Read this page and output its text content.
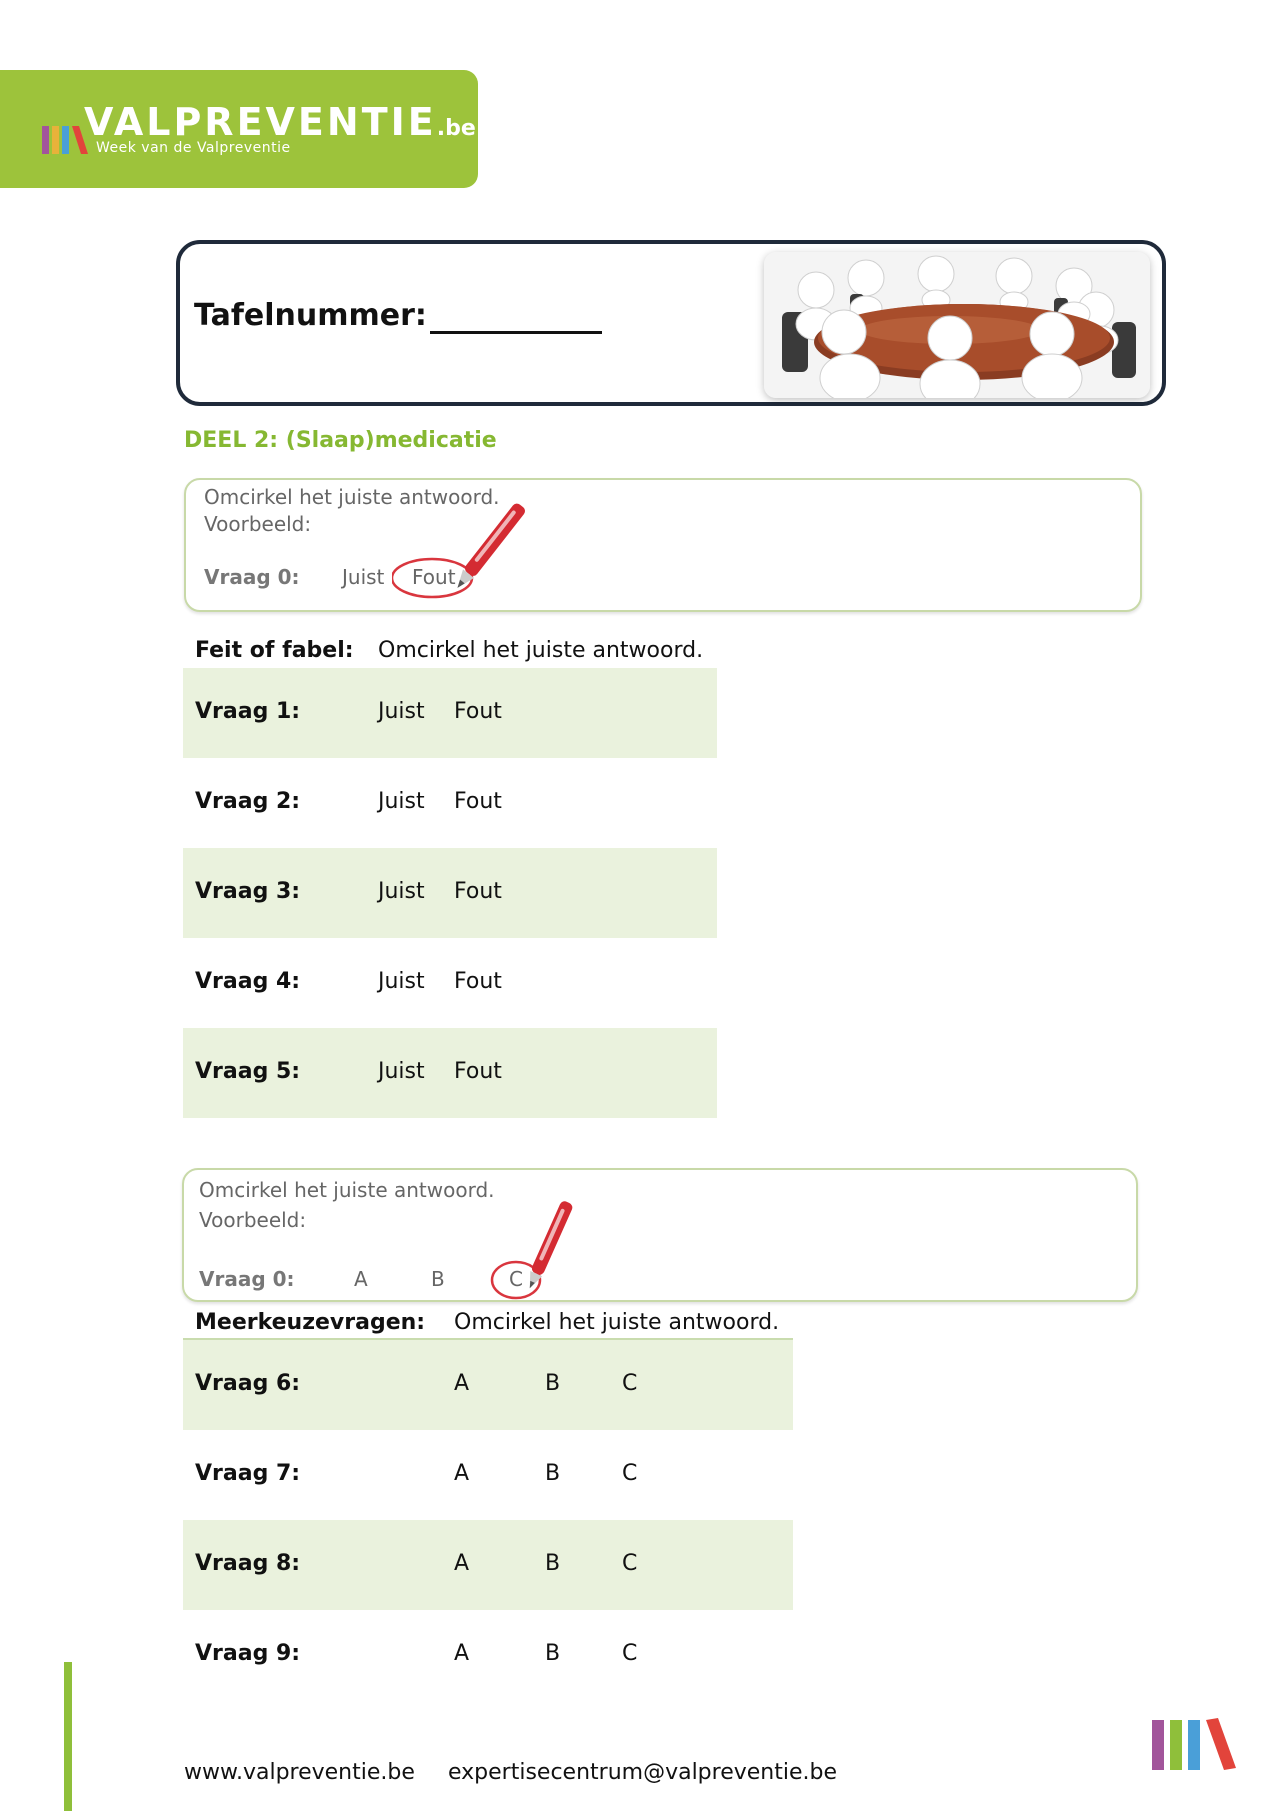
VALPREVENTIE.be
Week van de Valpreventie
Tafelnummer:
DEEL 2: (Slaap)medicatie
Omcirkel het juiste antwoord.
Voorbeeld:
Vraag 0: Juist Fout
Feit of fabel: Omcirkel het juiste antwoord.
Vraag 1:	Juist Fout
Vraag 2:	Juist Fout
Vraag 3:	Juist Fout
Vraag 4:	Juist Fout
Vraag 5:	Juist Fout
Omcirkel het juiste antwoord.
Voorbeeld:
Vraag 0:	A	B	C
Meerkeuzevragen: Omcirkel het juiste antwoord.
Vraag 6:	A	B	C
Vraag 7:	A	B	C
Vraag 8:	A	B	C
Vraag 9:	A	B	C
www.valpreventie.be expertisecentrum@valpreventie.be
